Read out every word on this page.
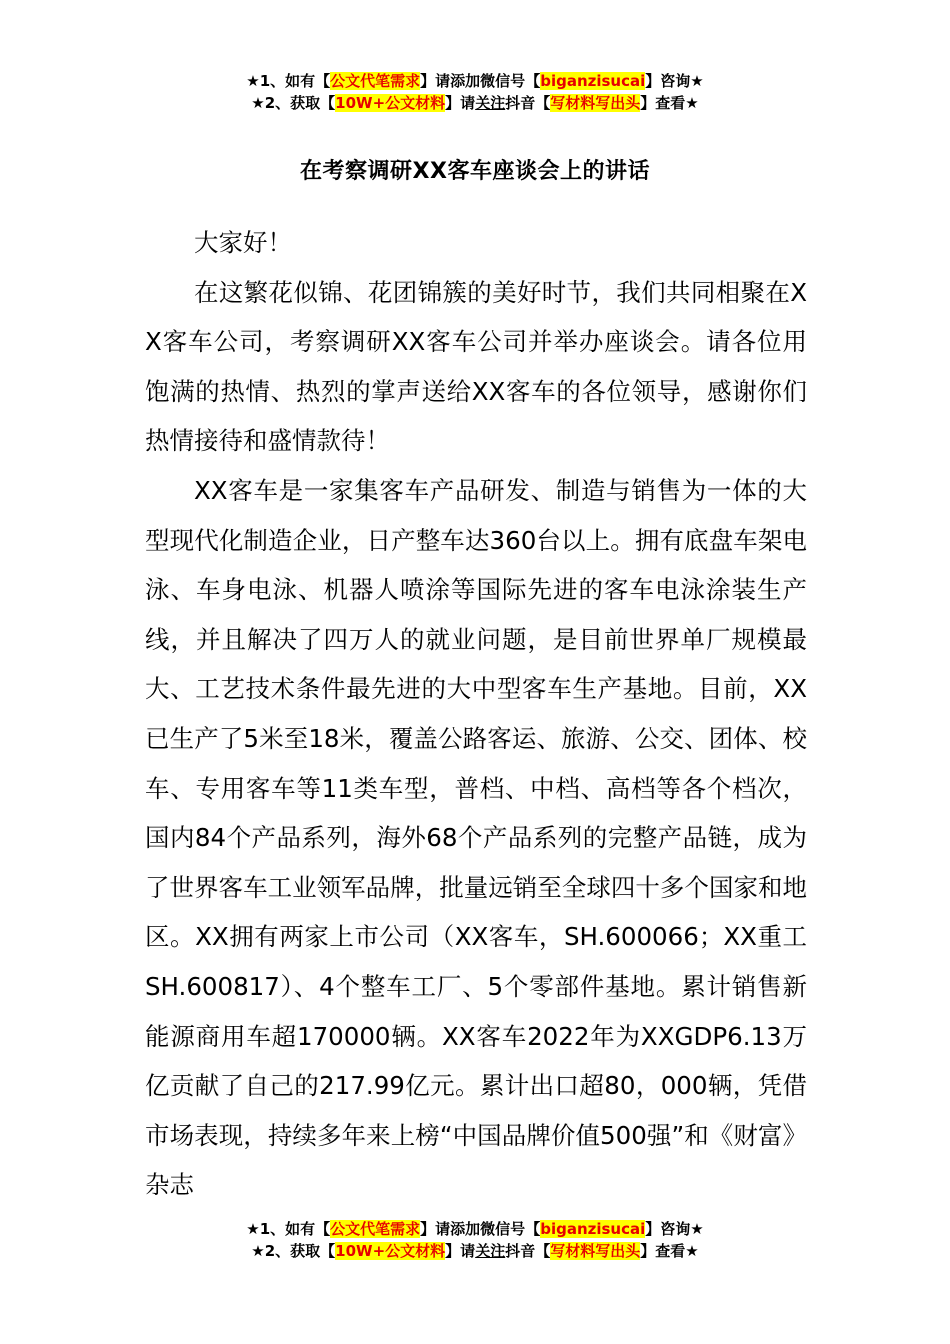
★1、如有【公文代笔需求】请添加微信号【biganzisucai】咨询★
★2、获取【10W+公文材料】请关注抖音【写材料写出头】查看★
在考察调研XX客车座谈会上的讲话

大家好！

在这繁花似锦、花团锦簇的美好时节，我们共同相聚在XX客车公司，考察调研XX客车公司并举办座谈会。请各位用饱满的热情、热烈的掌声送给XX客车的各位领导，感谢你们热情接待和盛情款待！

XX客车是一家集客车产品研发、制造与销售为一体的大型现代化制造企业，日产整车达360台以上。拥有底盘车架电泳、车身电泳、机器人喷涂等国际先进的客车电泳涂装生产线，并且解决了四万人的就业问题，是目前世界单厂规模最大、工艺技术条件最先进的大中型客车生产基地。目前，XX已生产了5米至18米，覆盖公路客运、旅游、公交、团体、校车、专用客车等11类车型，普档、中档、高档等各个档次，国内84个产品系列，海外68个产品系列的完整产品链，成为了世界客车工业领军品牌，批量远销至全球四十多个国家和地区。XX拥有两家上市公司（XX客车，SH.600066；XX重工SH.600817）、4个整车工厂、5个零部件基地。累计销售新能源商用车超170000辆。XX客车2022年为XXGDP6.13万亿贡献了自己的217.99亿元。累计出口超80，000辆，凭借市场表现，持续多年来上榜“中国品牌价值500强”和《财富》杂志

★1、如有【公文代笔需求】请添加微信号【biganzisucai】咨询★
★2、获取【10W+公文材料】请关注抖音【写材料写出头】查看★
